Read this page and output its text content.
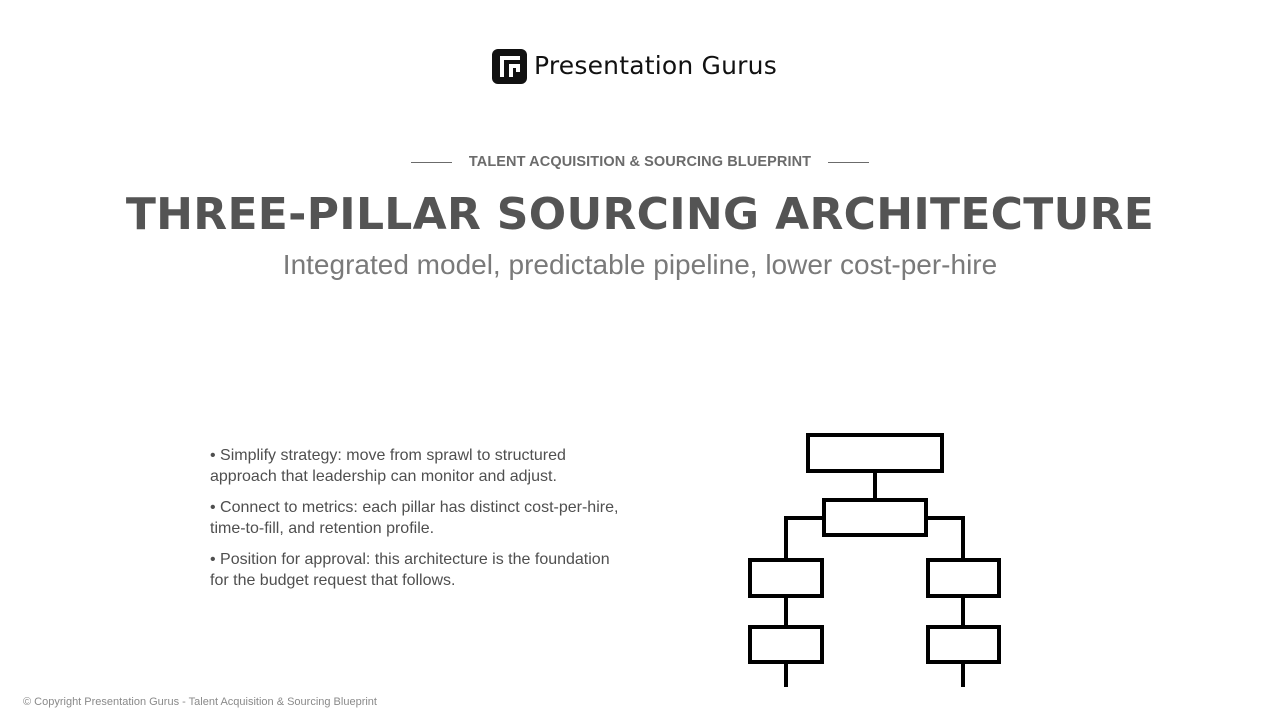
Presentation Gurus
TALENT ACQUISITION & SOURCING BLUEPRINT
THREE-PILLAR SOURCING ARCHITECTURE
Integrated model, predictable pipeline, lower cost-per-hire
• Simplify strategy: move from sprawl to structured approach that leadership can monitor and adjust.
• Connect to metrics: each pillar has distinct cost-per-hire, time-to-fill, and retention profile.
• Position for approval: this architecture is the foundation for the budget request that follows.
© Copyright Presentation Gurus - Talent Acquisition & Sourcing Blueprint
